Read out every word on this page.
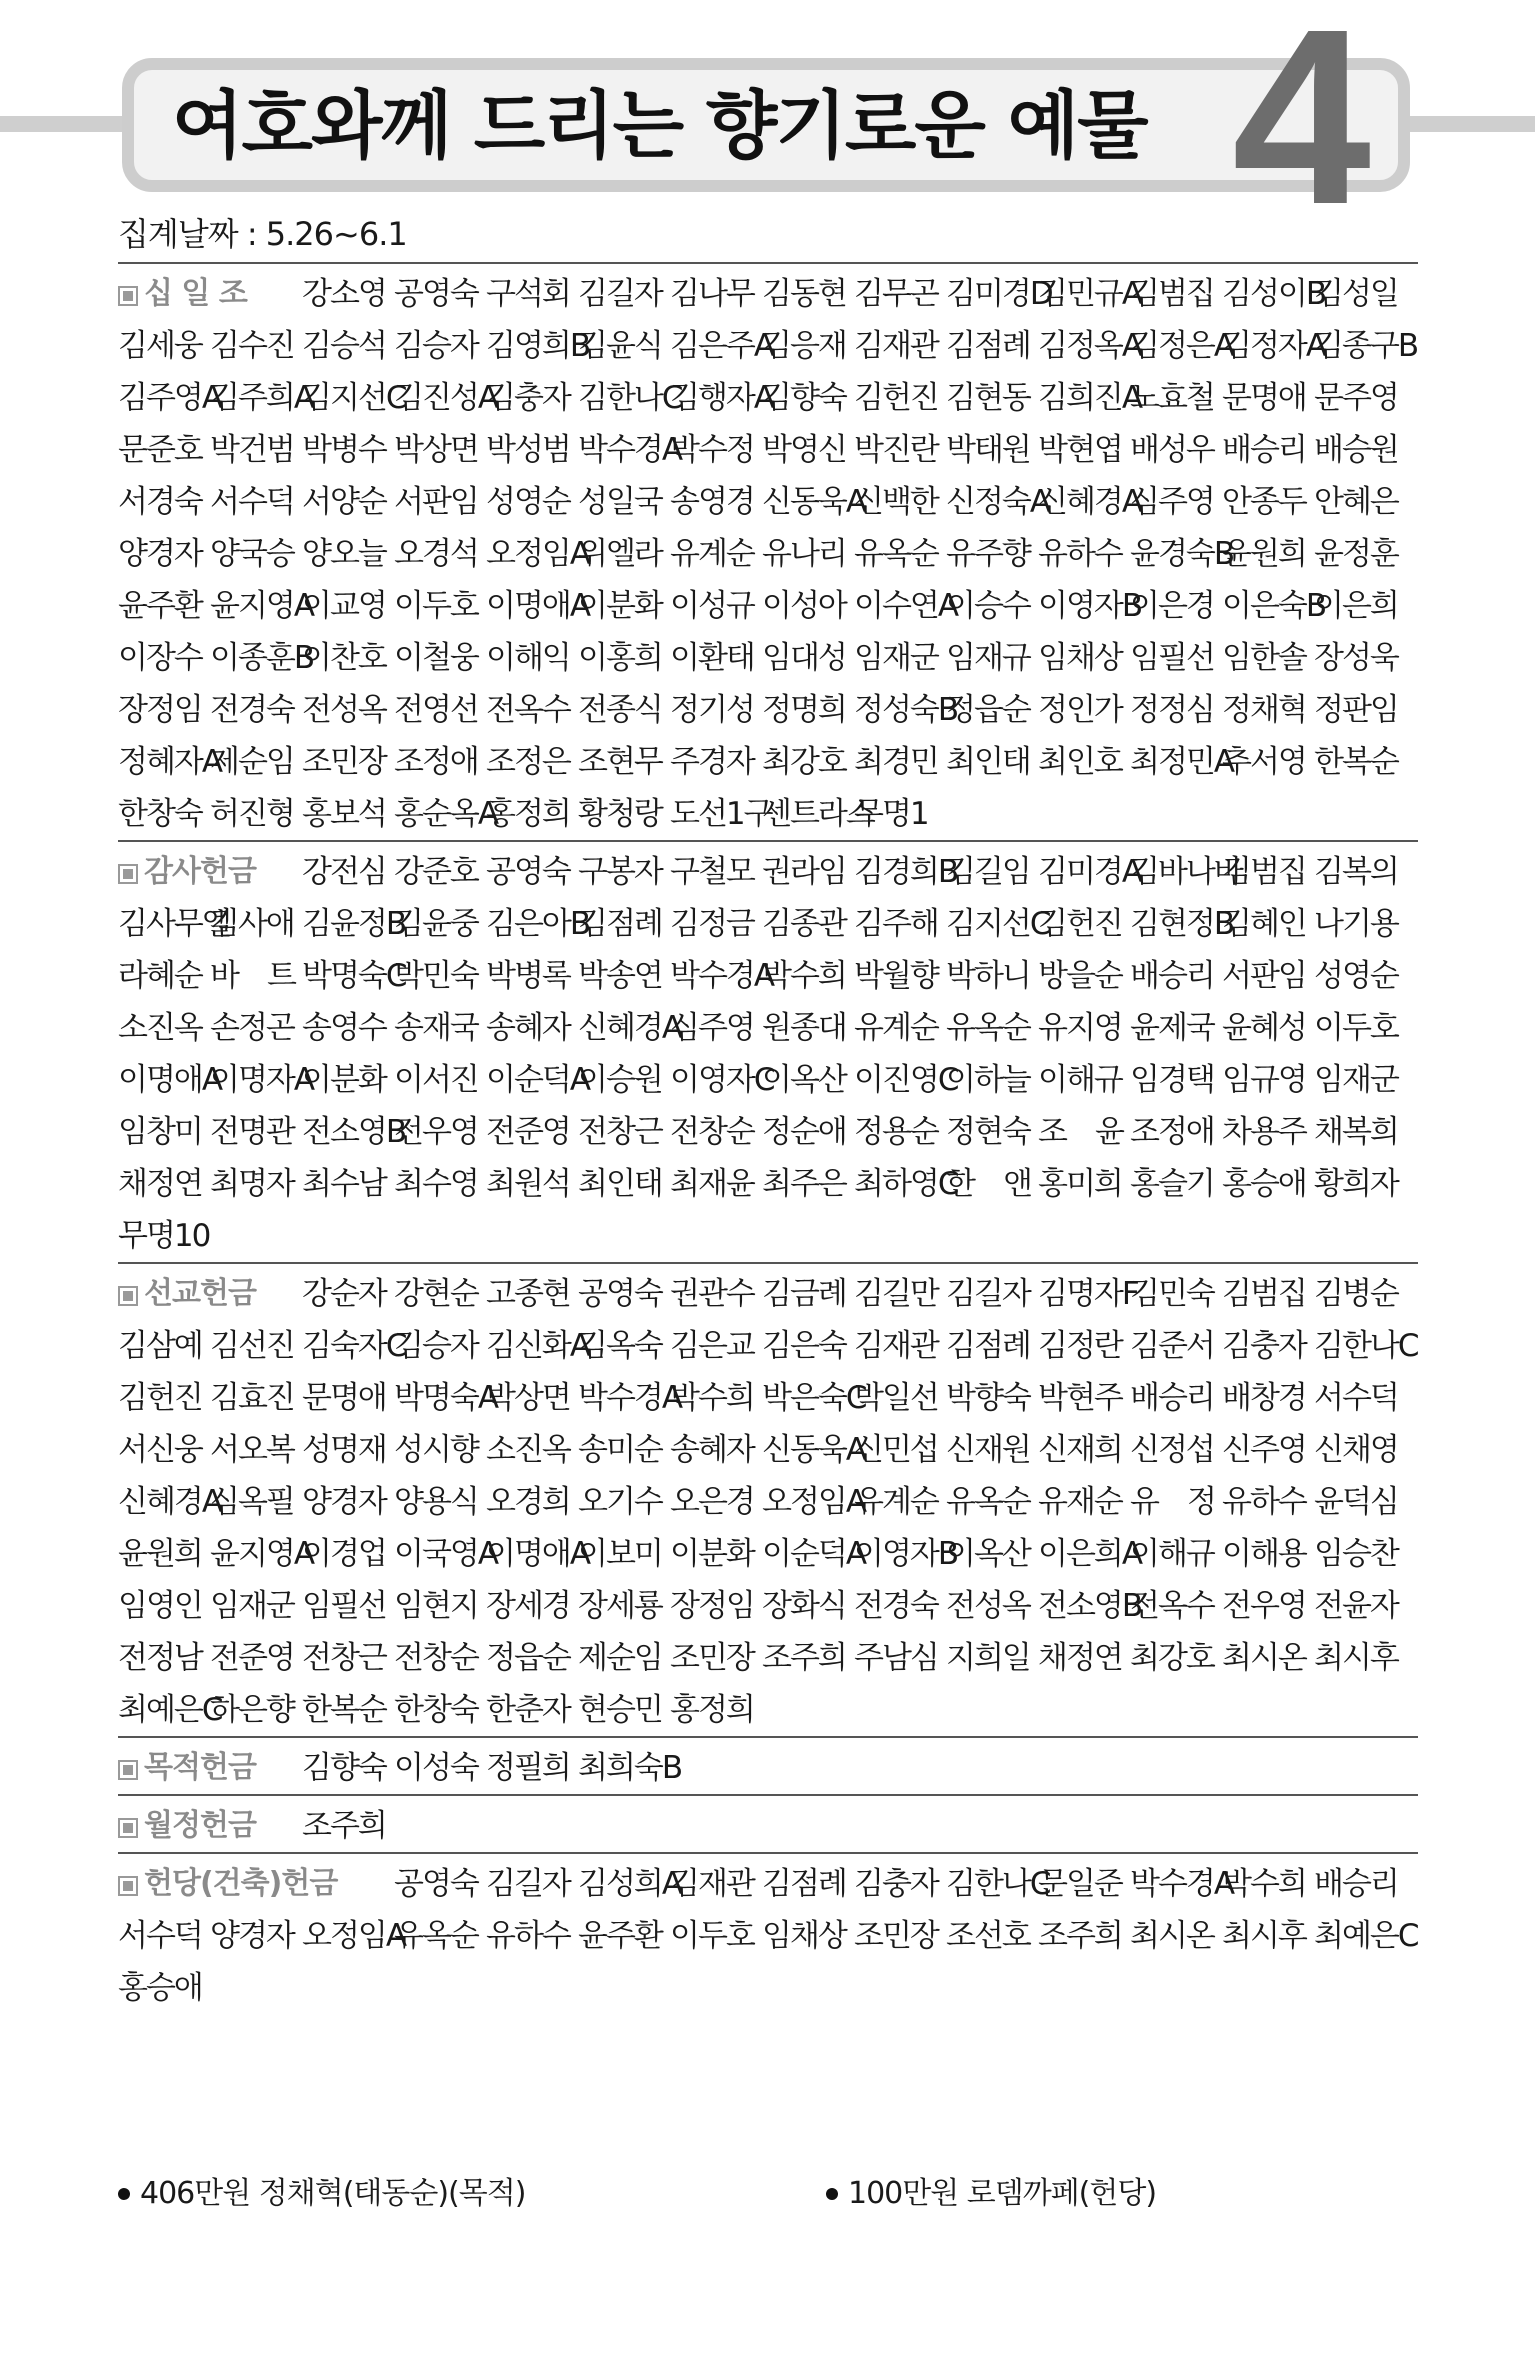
여호와께 드리는 향기로운 예물 4
집계날짜 : 5.26~6.1
십 일 조	강소영 공영숙 구석회 김길자 김나무 김동현 김무곤 김미경D
김민규A
김범집 김성이B
김성일
김세웅 김수진 김승석 김승자 김영희B
김윤식 김은주A
김응재 김재관 김점례 김정옥A
김정은A
김정자A
김종구B
김주영A
김주희A
김지선C
김진성A
김충자 김한나C
김행자A
김향숙 김헌진 김현동 김희진A
노효철 문명애 문주영
문준호 박건범 박병수 박상면 박성범 박수경A
박수정 박영신 박진란 박태원 박현엽 배성우 배승리 배승원
서경숙 서수덕 서양순 서판임 성영순 성일국 송영경 신동욱A
신백한 신정숙A
신혜경A
심주영 안종두 안혜은
양경자 양국승 양오늘 오경석 오정임A
위엘라 유계순 유나리 유옥순 유주향 유하수 윤경숙B
윤원희 윤정훈
윤주환 윤지영A
이교영 이두호 이명애A
이분화 이성규 이성아 이수연A
이승수 이영자B
이은경 이은숙B
이은희
이장수 이종훈B
이찬호 이철웅 이해익 이홍희 이환태 임대성 임재군 임재규 임채상 임필선 임한솔 장성욱
장정임 전경숙 전성옥 전영선 전옥수 전종식 정기성 정명희 정성숙B
정읍순 정인가 정정심 정채혁 정판임
정혜자A
제순임 조민장 조정애 조정은 조현무 주경자 최강호 최경민 최인태 최인호 최정민A
추서영 한복순
한창숙 허진형 홍보석 홍순옥A
홍정희 황청랑 도선1구
센트라스
무명1
감사헌금	강전심 강준호 공영숙 구봉자 구철모 권라임 김경희B
김길임 김미경A
김바나바
김범집 김복의
김사무엘
김사애 김윤정B
김윤중 김은아B
김점례 김정금 김종관 김주해 김지선C
김헌진 김현정B
김혜인 나기용
라혜순 바　트 박명숙C
박민숙 박병록 박송연 박수경A
박수희 박월향 박하니 방을순 배승리 서판임 성영순
소진옥 손정곤 송영수 송재국 송혜자 신혜경A
심주영 원종대 유계순 유옥순 유지영 윤제국 윤혜성 이두호
이명애A
이명자A
이분화 이서진 이순덕A
이승원 이영자C
이옥산 이진영C
이하늘 이해규 임경택 임규영 임재군
임창미 전명관 전소영B
전우영 전준영 전창근 전창순 정순애 정용순 정현숙 조　윤 조정애 차용주 채복희
채정연 최명자 최수남 최수영 최원석 최인태 최재윤 최주은 최하영C
한　앤 홍미희 홍슬기 홍승애 황희자
무명10
선교헌금	강순자 강현순 고종현 공영숙 권관수 김금례 김길만 김길자 김명자F
김민숙 김범집 김병순
김삼예 김선진 김숙자C
김승자 김신화A
김옥숙 김은교 김은숙 김재관 김점례 김정란 김준서 김충자 김한나C
김헌진 김효진 문명애 박명숙A
박상면 박수경A
박수희 박은숙C
박일선 박향숙 박현주 배승리 배창경 서수덕
서신웅 서오복 성명재 성시향 소진옥 송미순 송혜자 신동욱A
신민섭 신재원 신재희 신정섭 신주영 신채영
신혜경A
심옥필 양경자 양용식 오경희 오기수 오은경 오정임A
유계순 유옥순 유재순 유　정 유하수 윤덕심
윤원희 윤지영A
이경업 이국영A
이명애A
이보미 이분화 이순덕A
이영자B
이옥산 이은희A
이해규 이해용 임승찬
임영인 임재군 임필선 임현지 장세경 장세룡 장정임 장화식 전경숙 전성옥 전소영B
전옥수 전우영 전윤자
전정남 전준영 전창근 전창순 정읍순 제순임 조민장 조주희 주남심 지희일 채정연 최강호 최시온 최시후
최예은C
하은향 한복순 한창숙 한춘자 현승민 홍정희
목적헌금	김향숙 이성숙 정필희 최희숙B
월정헌금	조주희
헌당(건축)헌금	공영숙 김길자 김성희A
김재관 김점례 김충자 김한나C
문일준 박수경A
박수희 배승리
서수덕 양경자 오정임A
유옥순 유하수 윤주환 이두호 임채상 조민장 조선호 조주희 최시온 최시후 최예은C
홍승애
406만원 정채혁(태동순)(목적)	100만원 로뎀까페(헌당)
